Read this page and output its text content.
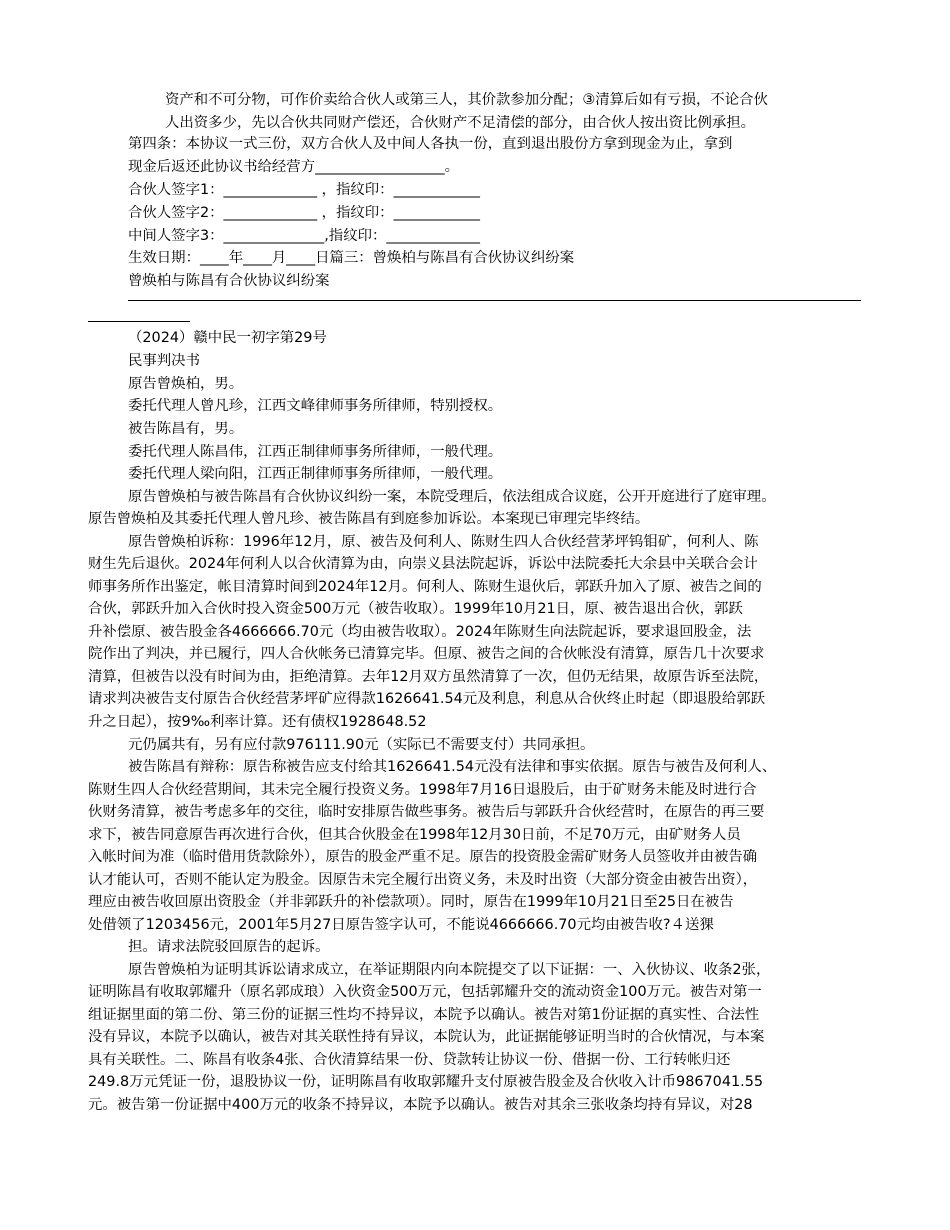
资产和不可分物，可作价卖给合伙人或第三人，其价款参加分配；③清算后如有亏损，不论合伙
人出资多少，先以合伙共同财产偿还，合伙财产不足清偿的部分，由合伙人按出资比例承担。
第四条：本协议一式三份，双方合伙人及中间人各执一份，直到退出股份方拿到现金为止，拿到
现金后返还此协议书给经营方__________________。
合伙人签字1：_____________ ，指纹印：____________
合伙人签字2：_____________ ，指纹印：____________
中间人签字3：______________,指纹印：_____________
生效日期：____年____月____日篇三：曾焕柏与陈昌有合伙协议纠纷案
曾焕柏与陈昌有合伙协议纠纷案
（2024）赣中民一初字第29号
民事判决书
原告曾焕柏，男。
委托代理人曾凡珍，江西文峰律师事务所律师，特别授权。
被告陈昌有，男。
委托代理人陈昌伟，江西正制律师事务所律师，一般代理。
委托代理人梁向阳，江西正制律师事务所律师，一般代理。
原告曾焕柏与被告陈昌有合伙协议纠纷一案，本院受理后，依法组成合议庭，公开开庭进行了庭审理。
原告曾焕柏及其委托代理人曾凡珍、被告陈昌有到庭参加诉讼。本案现已审理完毕终结。
原告曾焕柏诉称：1996年12月，原、被告及何利人、陈财生四人合伙经营茅坪钨钼矿，何利人、陈
财生先后退伙。2024年何利人以合伙清算为由，向崇义县法院起诉，诉讼中法院委托大余县中关联合会计
师事务所作出鉴定，帐目清算时间到2024年12月。何利人、陈财生退伙后，郭跃升加入了原、被告之间的
合伙，郭跃升加入合伙时投入资金500万元（被告收取）。1999年10月21日，原、被告退出合伙，郭跃
升补偿原、被告股金各4666666.70元（均由被告收取）。2024年陈财生向法院起诉，要求退回股金，法
院作出了判决，并已履行，四人合伙帐务已清算完毕。但原、被告之间的合伙帐没有清算，原告几十次要求
清算，但被告以没有时间为由，拒绝清算。去年12月双方虽然清算了一次，但仍无结果，故原告诉至法院，
请求判决被告支付原告合伙经营茅坪矿应得款1626641.54元及利息，利息从合伙终止时起（即退股给郭跃
升之日起），按9‰利率计算。还有债权1928648.52
元仍属共有，另有应付款976111.90元（实际已不需要支付）共同承担。
被告陈昌有辩称：原告称被告应支付给其1626641.54元没有法律和事实依据。原告与被告及何利人、
陈财生四人合伙经营期间，其未完全履行投资义务。1998年7月16日退股后，由于矿财务未能及时进行合
伙财务清算，被告考虑多年的交往，临时安排原告做些事务。被告后与郭跃升合伙经营时，在原告的再三要
求下，被告同意原告再次进行合伙，但其合伙股金在1998年12月30日前，不足70万元，由矿财务人员
入帐时间为准（临时借用货款除外），原告的股金严重不足。原告的投资股金需矿财务人员签收并由被告确
认才能认可，否则不能认定为股金。因原告未完全履行出资义务，未及时出资（大部分资金由被告出资），
理应由被告收回原出资股金（并非郭跃升的补偿款项）。同时，原告在1999年10月21日至25日在被告
处借领了1203456元，2001年5月27日原告签字认可，不能说4666666.70元均由被告收?４送猓
担。请求法院驳回原告的起诉。
原告曾焕柏为证明其诉讼请求成立，在举证期限内向本院提交了以下证据：一、入伙协议、收条2张，
证明陈昌有收取郭耀升（原名郭成琅）入伙资金500万元，包括郭耀升交的流动资金100万元。被告对第一
组证据里面的第二份、第三份的证据三性均不持异议，本院予以确认。被告对第1份证据的真实性、合法性
没有异议，本院予以确认，被告对其关联性持有异议，本院认为，此证据能够证明当时的合伙情况，与本案
具有关联性。二、陈昌有收条4张、合伙清算结果一份、贷款转让协议一份、借据一份、工行转帐归还
249.8万元凭证一份，退股协议一份，证明陈昌有收取郭耀升支付原被告股金及合伙收入计币9867041.55
元。被告第一份证据中400万元的收条不持异议，本院予以确认。被告对其余三张收条均持有异议，对28
